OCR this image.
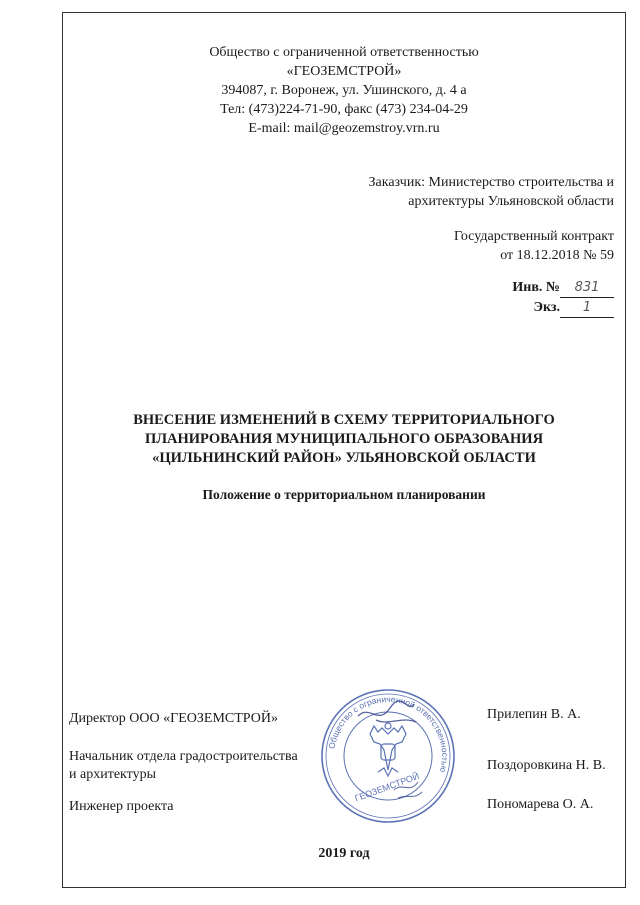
Общество с ограниченной ответственностью
«ГЕОЗЕМСТРОЙ»
394087, г. Воронеж, ул. Ушинского, д. 4 а
Тел: (473)224-71-90, факс (473) 234-04-29
E-mail: mail@geozemstroy.vrn.ru
Заказчик: Министерство строительства и
архитектуры Ульяновской области
Государственный контракт
от 18.12.2018 № 59
Инв. № 831
Экз. 1
ВНЕСЕНИЕ ИЗМЕНЕНИЙ В СХЕМУ ТЕРРИТОРИАЛЬНОГО
ПЛАНИРОВАНИЯ МУНИЦИПАЛЬНОГО ОБРАЗОВАНИЯ
«ЦИЛЬНИНСКИЙ РАЙОН» УЛЬЯНОВСКОЙ ОБЛАСТИ
Положение о территориальном планировании
Директор ООО «ГЕОЗЕМСТРОЙ»	Прилепин В. А.
Начальник отдела градостроительства
и архитектуры
Поздоровкина Н. В.
Инженер проекта	Пономарева О. А.
Общество с ограниченной ответственностью
ГЕОЗЕМСТРОЙ
2019 год
